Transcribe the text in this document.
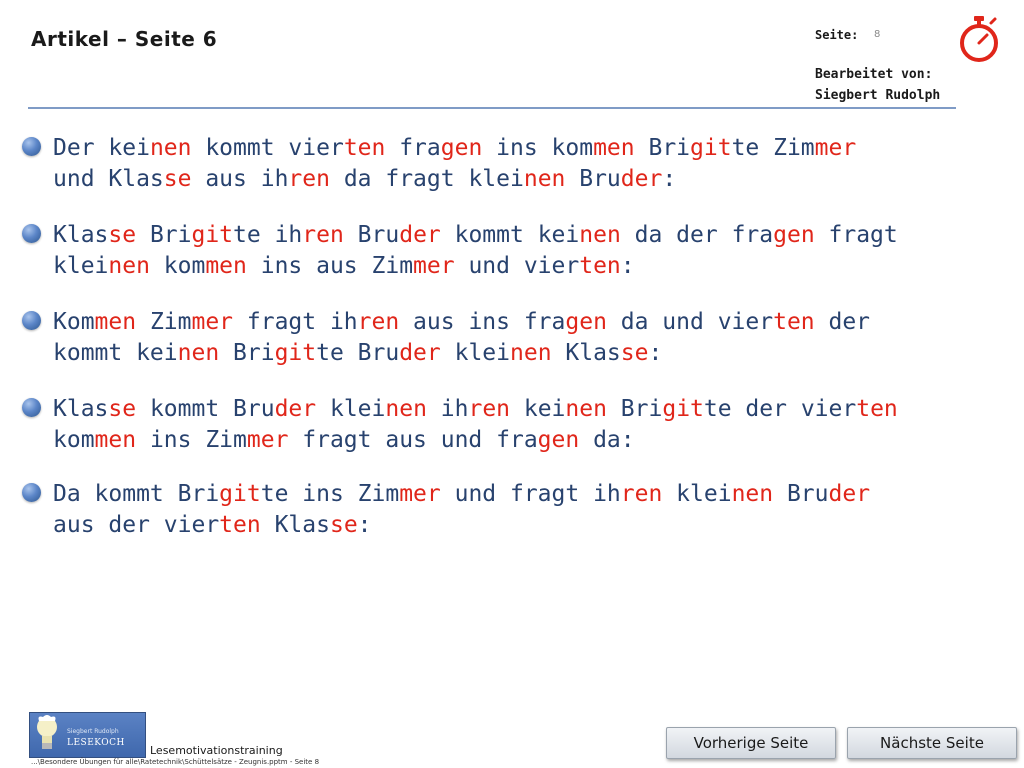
Artikel – Seite 6	Seite: 8
Bearbeitet von:
Siegbert Rudolph
Der keinen kommt vierten fragen ins kommen Brigitte Zimmer
und Klasse aus ihren da fragt kleinen Bruder:
Klasse Brigitte ihren Bruder kommt keinen da der fragen fragt
kleinen kommen ins aus Zimmer und vierten:
Kommen Zimmer fragt ihren aus ins fragen da und vierten der
kommt keinen Brigitte Bruder kleinen Klasse:
Klasse kommt Bruder kleinen ihren keinen Brigitte der vierten
kommen ins Zimmer fragt aus und fragen da:
Da kommt Brigitte ins Zimmer und fragt ihren kleinen Bruder
aus der vierten Klasse:
Siegbert Rudolph
LESEKOCH
Lesemotivationstraining
...\Besondere Übungen für alle\Ratetechnik\Schüttelsätze - Zeugnis.pptm - Seite 8
Vorherige Seite	Nächste Seite
